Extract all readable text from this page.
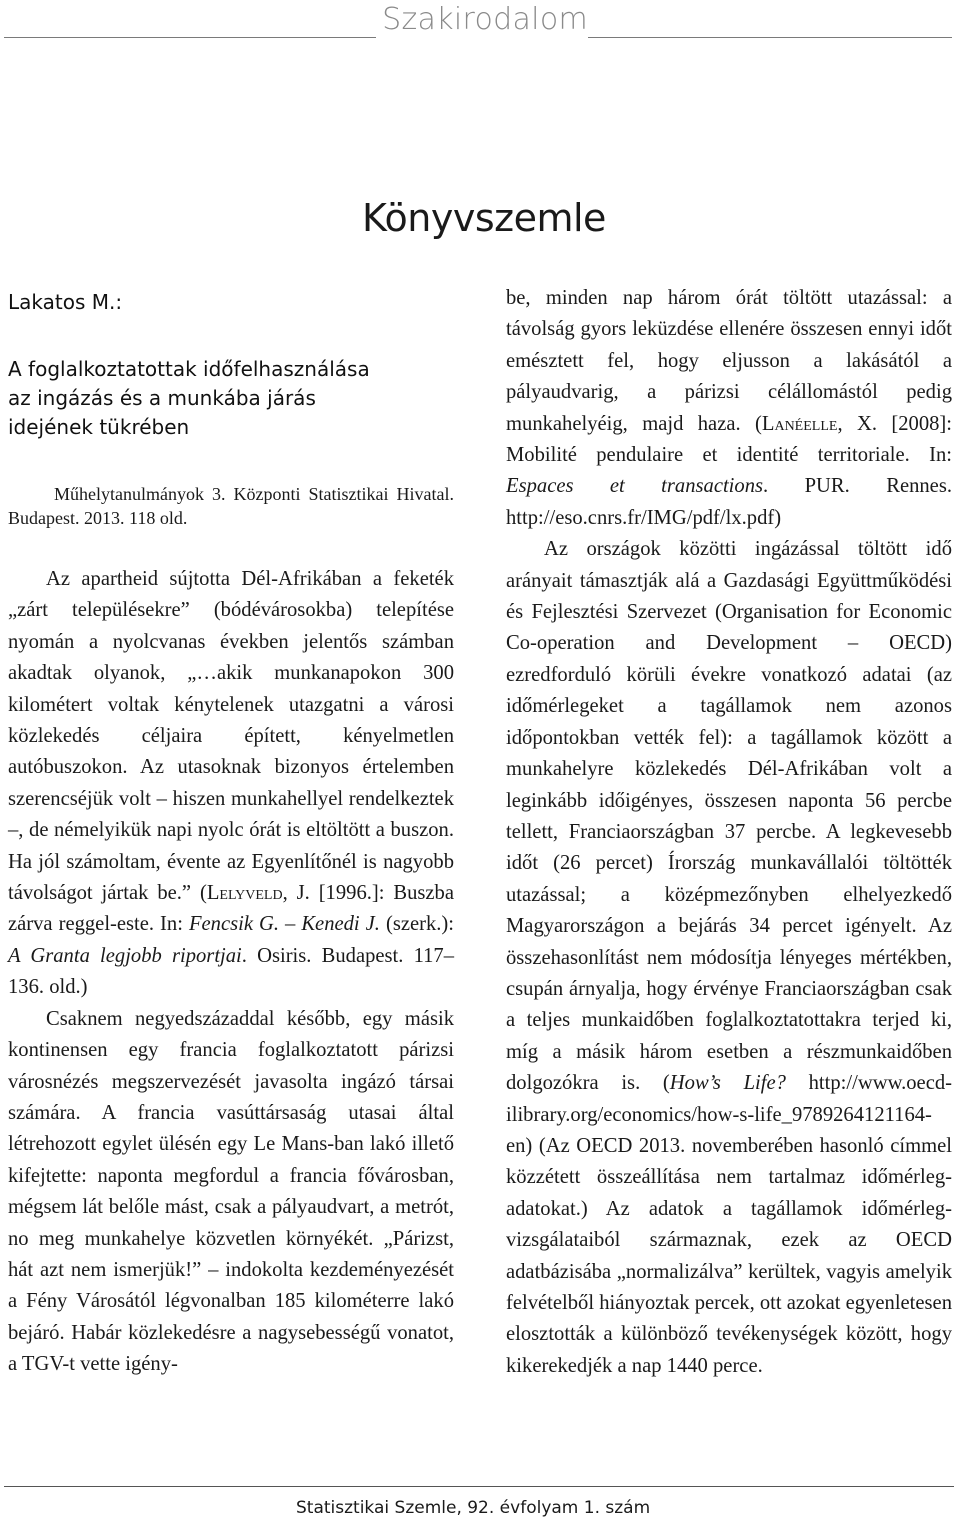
Szakirodalom
Könyvszemle
Lakatos M.:
A foglalkoztatottak időfelhasználása
az ingázás és a munkába járás
idejének tükrében

Műhelytanulmányok 3. Központi Statisztikai Hivatal. Budapest. 2013. 118 old.

Az apartheid sújtotta Dél-Afrikában a feketék „zárt településekre” (bódévárosokba) telepítése nyomán a nyolcvanas években jelentős számban akadtak olyanok, „…akik munkanapokon 300 kilométert voltak kénytelenek utazgatni a városi közlekedés céljaira épített, kényelmetlen autóbuszokon. Az utasoknak bizonyos értelemben szerencséjük volt – hiszen munkahellyel rendelkeztek –, de némelyikük napi nyolc órát is eltöltött a buszon. Ha jól számoltam, évente az Egyenlítőnél is nagyobb távolságot jártak be.” (Lelyveld, J. [1996.]: Buszba zárva reggel-este. In: Fencsik G. – Kenedi J. (szerk.): A Granta legjobb riportjai. Osiris. Budapest. 117–136. old.)

Csaknem negyedszázaddal később, egy másik kontinensen egy francia foglalkoztatott párizsi városnézés megszervezését javasolta ingázó társai számára. A francia vasúttársaság utasai által létrehozott egylet ülésén egy Le Mans-ban lakó illető kifejtette: naponta megfordul a francia fővárosban, mégsem lát belőle mást, csak a pályaudvart, a metrót, no meg munkahelye közvetlen környékét. „Párizst, hát azt nem ismerjük!” – indokolta kezdeményezését a Fény Városától légvonalban 185 kilométerre lakó bejáró. Habár közlekedésre a nagysebességű vonatot, a TGV-t vette igény-

be, minden nap három órát töltött utazással: a távolság gyors leküzdése ellenére összesen ennyi időt emésztett fel, hogy eljusson a lakásától a pályaudvarig, a párizsi célállomástól pedig munkahelyéig, majd haza. (Lanéelle, X. [2008]: Mobilité pendulaire et identité territoriale. In: Espaces et transactions. PUR. Rennes. http://eso.cnrs.fr/IMG/pdf/lx.pdf)

Az országok közötti ingázással töltött idő arányait támasztják alá a Gazdasági Együttműködési és Fejlesztési Szervezet (Organisation for Economic Co-operation and Development – OECD) ezredforduló körüli évekre vonatkozó adatai (az időmérlegeket a tagállamok nem azonos időpontokban vették fel): a tagállamok között a munkahelyre közlekedés Dél-Afrikában volt a leginkább időigényes, összesen naponta 56 percbe tellett, Franciaországban 37 percbe. A legkevesebb időt (26 percet) Írország munkavállalói töltötték utazással; a középmezőnyben elhelyezkedő Magyarországon a bejárás 34 percet igényelt. Az összehasonlítást nem módosítja lényeges mértékben, csupán árnyalja, hogy érvénye Franciaországban csak a teljes munkaidőben foglalkoztatottakra terjed ki, míg a másik három esetben a részmunkaidőben dolgozókra is. (How’s Life? http://www.oecd-ilibrary.org/economics/how-s-life_9789264121164-en) (Az OECD 2013. novemberében hasonló címmel közzétett összeállítása nem tartalmaz időmérleg-adatokat.) Az adatok a tagállamok időmérleg-vizsgálataiból származnak, ezek az OECD adatbázisába „normalizálva” kerültek, vagyis amelyik felvételből hiányoztak percek, ott azokat egyenletesen elosztották a különböző tevékenységek között, hogy kikerekedjék a nap 1440 perce.

Statisztikai Szemle, 92. évfolyam 1. szám
